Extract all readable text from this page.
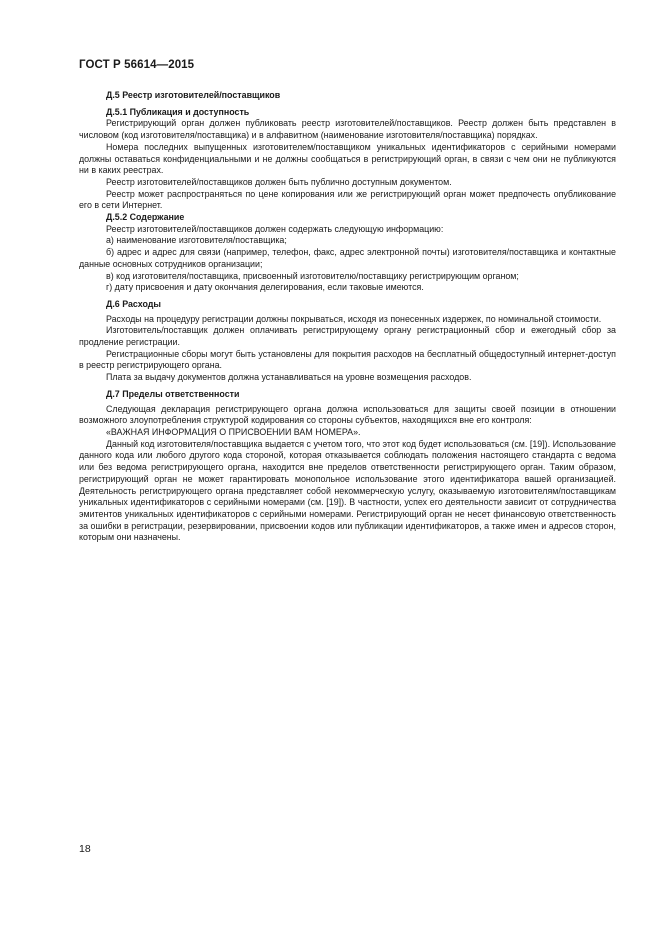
ГОСТ Р 56614—2015

Д.5 Реестр изготовителей/поставщиков

Д.5.1 Публикация и доступность

Регистрирующий орган должен публиковать реестр изготовителей/поставщиков. Реестр должен быть представлен в числовом (код изготовителя/поставщика) и в алфавитном (наименование изготовителя/поставщика) порядках.

Номера последних выпущенных изготовителем/поставщиком уникальных идентификаторов с серийными номерами должны оставаться конфиденциальными и не должны сообщаться в регистрирующий орган, в связи с чем они не публикуются ни в каких реестрах.

Реестр изготовителей/поставщиков должен быть публично доступным документом.

Реестр может распространяться по цене копирования или же регистрирующий орган может предпочесть опубликование его в сети Интернет.

Д.5.2 Содержание

Реестр изготовителей/поставщиков должен содержать следующую информацию:

а) наименование изготовителя/поставщика;

б) адрес и адрес для связи (например, телефон, факс, адрес электронной почты) изготовителя/поставщика и контактные данные основных сотрудников организации;

в) код изготовителя/поставщика, присвоенный изготовителю/поставщику регистрирующим органом;

г) дату присвоения и дату окончания делегирования, если таковые имеются.

Д.6 Расходы

Расходы на процедуру регистрации должны покрываться, исходя из понесенных издержек, по номинальной стоимости.

Изготовитель/поставщик должен оплачивать регистрирующему органу регистрационный сбор и ежегодный сбор за продление регистрации.

Регистрационные сборы могут быть установлены для покрытия расходов на бесплатный общедоступный интернет-доступ в реестр регистрирующего органа.

Плата за выдачу документов должна устанавливаться на уровне возмещения расходов.

Д.7 Пределы ответственности

Следующая декларация регистрирующего органа должна использоваться для защиты своей позиции в отношении возможного злоупотребления структурой кодирования со стороны субъектов, находящихся вне его контроля:

«ВАЖНАЯ ИНФОРМАЦИЯ О ПРИСВОЕНИИ ВАМ НОМЕРА».

Данный код изготовителя/поставщика выдается с учетом того, что этот код будет использоваться (см. [19]). Использование данного кода или любого другого кода стороной, которая отказывается соблюдать положения настоящего стандарта с ведома или без ведома регистрирующего органа, находится вне пределов ответственности регистрирующего орган. Таким образом, регистрирующий орган не может гарантировать монопольное использование этого идентификатора вашей организацией. Деятельность регистрирующего органа представляет собой некоммерческую услугу, оказываемую изготовителям/поставщикам уникальных идентификаторов с серийными номерами (см. [19]). В частности, успех его деятельности зависит от сотрудничества эмитентов уникальных идентификаторов с серийными номерами. Регистрирующий орган не несет финансовую ответственность за ошибки в регистрации, резервировании, присвоении кодов или публикации идентификаторов, а также имен и адресов сторон, которым они назначены.

18
